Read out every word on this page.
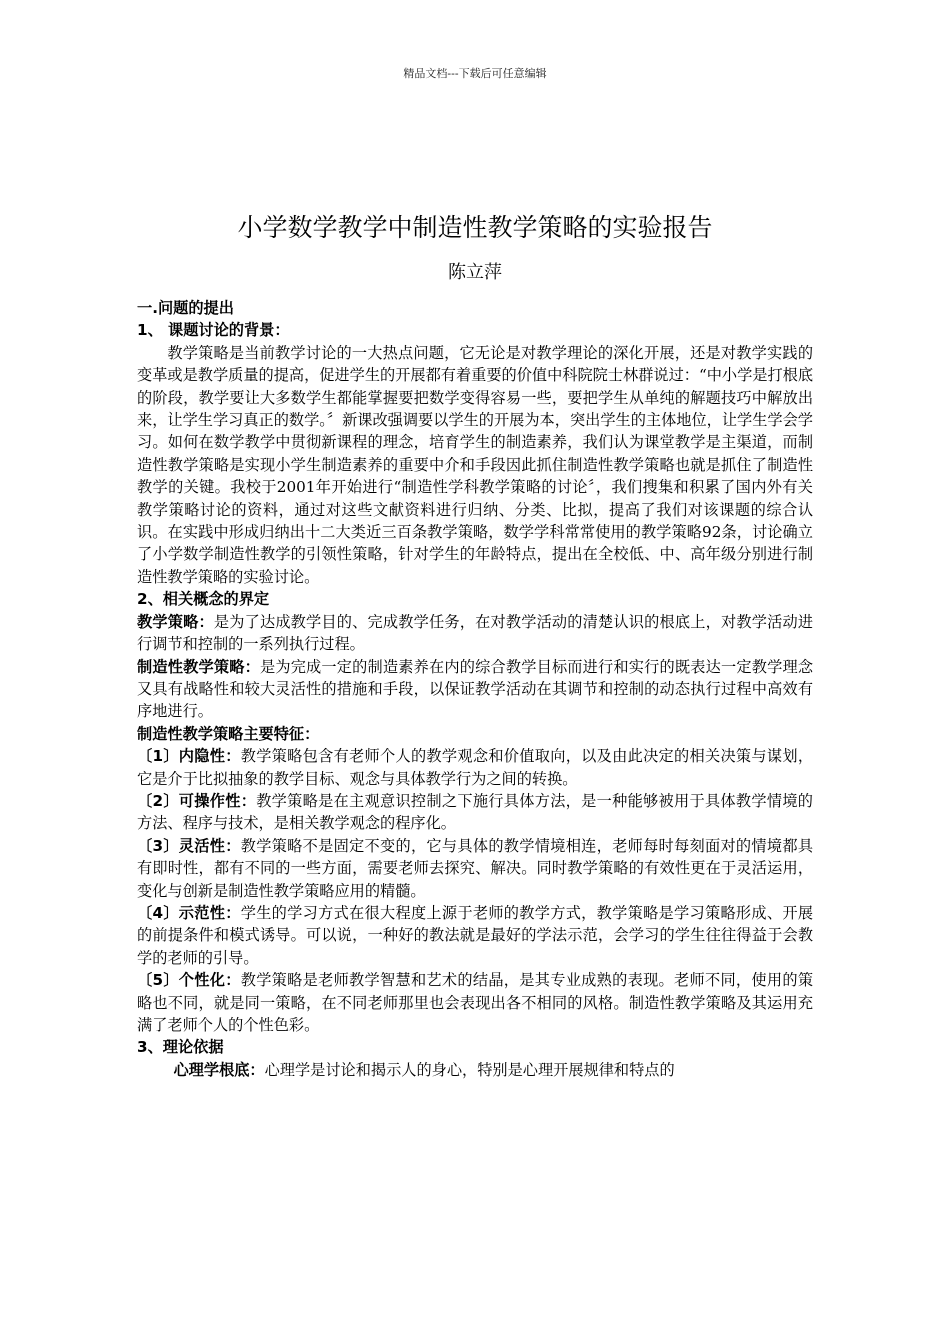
精品文档---下载后可任意编辑
小学数学教学中制造性教学策略的实验报告
陈立萍

一.问题的提出

1、 课题讨论的背景：

教学策略是当前教学讨论的一大热点问题，它无论是对教学理论的深化开展，还是对教学实践的变革或是教学质量的提高，促进学生的开展都有着重要的价值中科院院士林群说过：“中小学是打根底的阶段，教学要让大多数学生都能掌握要把数学变得容易一些，要把学生从单纯的解题技巧中解放出来，让学生学习真正的数学。〞新课改强调要以学生的开展为本，突出学生的主体地位，让学生学会学习。如何在数学教学中贯彻新课程的理念，培育学生的制造素养，我们认为课堂教学是主渠道，而制造性教学策略是实现小学生制造素养的重要中介和手段因此抓住制造性教学策略也就是抓住了制造性教学的关键。我校于2001年开始进行“制造性学科教学策略的讨论〞，我们搜集和积累了国内外有关教学策略讨论的资料，通过对这些文献资料进行归纳、分类、比拟，提高了我们对该课题的综合认识。在实践中形成归纳出十二大类近三百条教学策略，数学学科常常使用的教学策略92条，讨论确立了小学数学制造性教学的引领性策略，针对学生的年龄特点，提出在全校低、中、高年级分别进行制造性教学策略的实验讨论。

2、相关概念的界定

教学策略：是为了达成教学目的、完成教学任务，在对教学活动的清楚认识的根底上，对教学活动进行调节和控制的一系列执行过程。

制造性教学策略：是为完成一定的制造素养在内的综合教学目标而进行和实行的既表达一定教学理念又具有战略性和较大灵活性的措施和手段，以保证教学活动在其调节和控制的动态执行过程中高效有序地进行。

制造性教学策略主要特征：

〔1〕内隐性：教学策略包含有老师个人的教学观念和价值取向，以及由此决定的相关决策与谋划，它是介于比拟抽象的教学目标、观念与具体教学行为之间的转换。

〔2〕可操作性：教学策略是在主观意识控制之下施行具体方法，是一种能够被用于具体教学情境的方法、程序与技术，是相关教学观念的程序化。

〔3〕灵活性：教学策略不是固定不变的，它与具体的教学情境相连，老师每时每刻面对的情境都具有即时性，都有不同的一些方面，需要老师去探究、解决。同时教学策略的有效性更在于灵活运用，变化与创新是制造性教学策略应用的精髓。

〔4〕示范性：学生的学习方式在很大程度上源于老师的教学方式，教学策略是学习策略形成、开展的前提条件和模式诱导。可以说，一种好的教法就是最好的学法示范，会学习的学生往往得益于会教学的老师的引导。

〔5〕个性化：教学策略是老师教学智慧和艺术的结晶，是其专业成熟的表现。老师不同，使用的策略也不同，就是同一策略，在不同老师那里也会表现出各不相同的风格。制造性教学策略及其运用充满了老师个人的个性色彩。

3、理论依据

心理学根底：心理学是讨论和揭示人的身心，特别是心理开展规律和特点的
